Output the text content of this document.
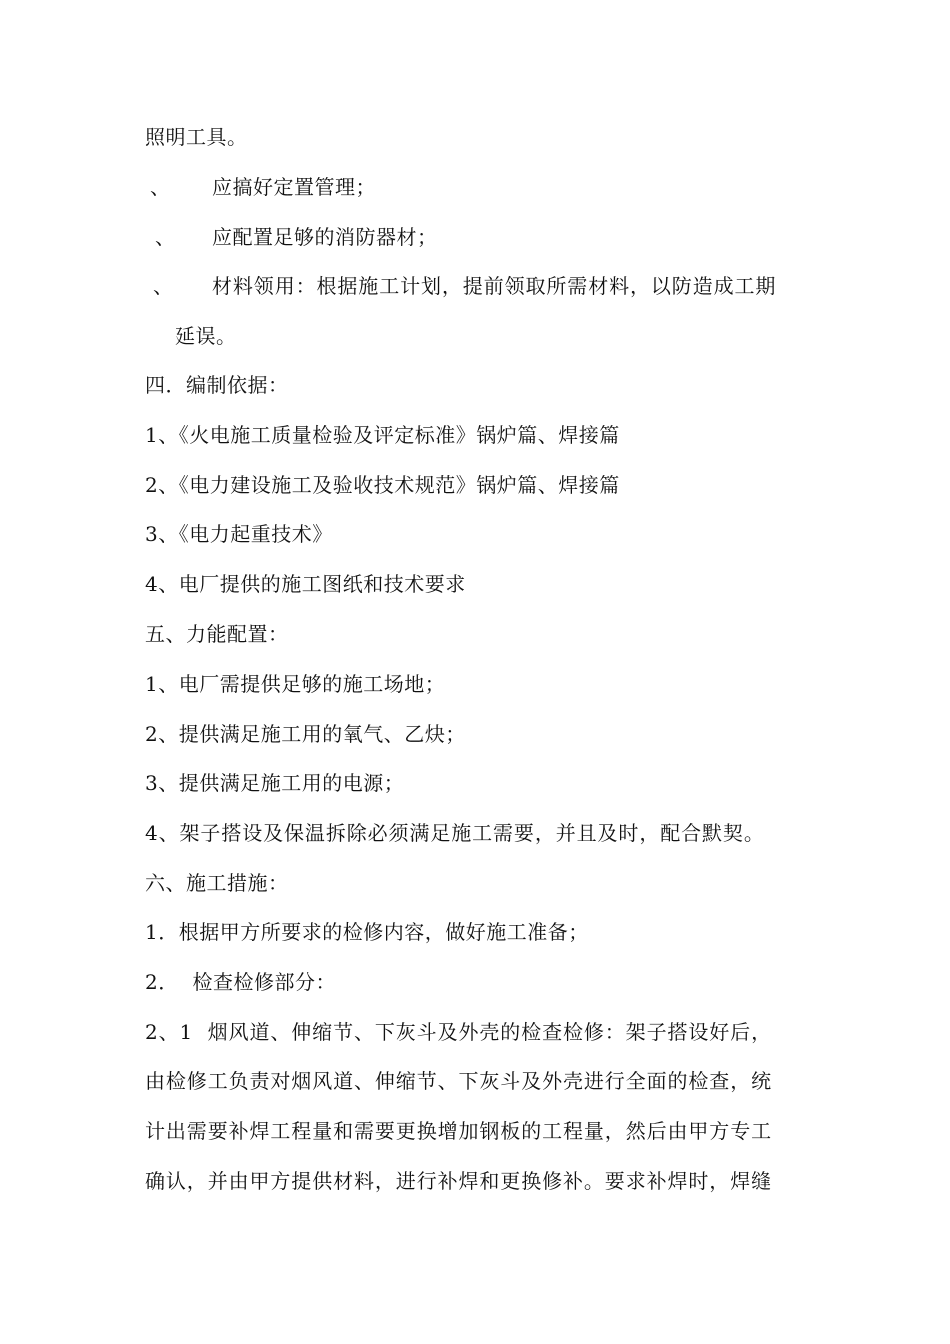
照明工具。
、 应搞好定置管理；
、 应配置足够的消防器材；
、 材料领用：根据施工计划，提前领取所需材料，以防造成工期
延误。
四．编制依据：
1、《火电施工质量检验及评定标准》锅炉篇、焊接篇
2、《电力建设施工及验收技术规范》锅炉篇、焊接篇
3、《电力起重技术》
4、电厂提供的施工图纸和技术要求
五、力能配置：
1、电厂需提供足够的施工场地；
2、提供满足施工用的氧气、乙炔；
3、提供满足施工用的电源；
4、架子搭设及保温拆除必须满足施工需要，并且及时，配合默契。
六、施工措施：
1．根据甲方所要求的检修内容，做好施工准备；
2．  检查检修部分：
2、1  烟风道、伸缩节、下灰斗及外壳的检查检修：架子搭设好后，
由检修工负责对烟风道、伸缩节、下灰斗及外壳进行全面的检查，统
计出需要补焊工程量和需要更换增加钢板的工程量，然后由甲方专工
确认，并由甲方提供材料，进行补焊和更换修补。要求补焊时，焊缝
